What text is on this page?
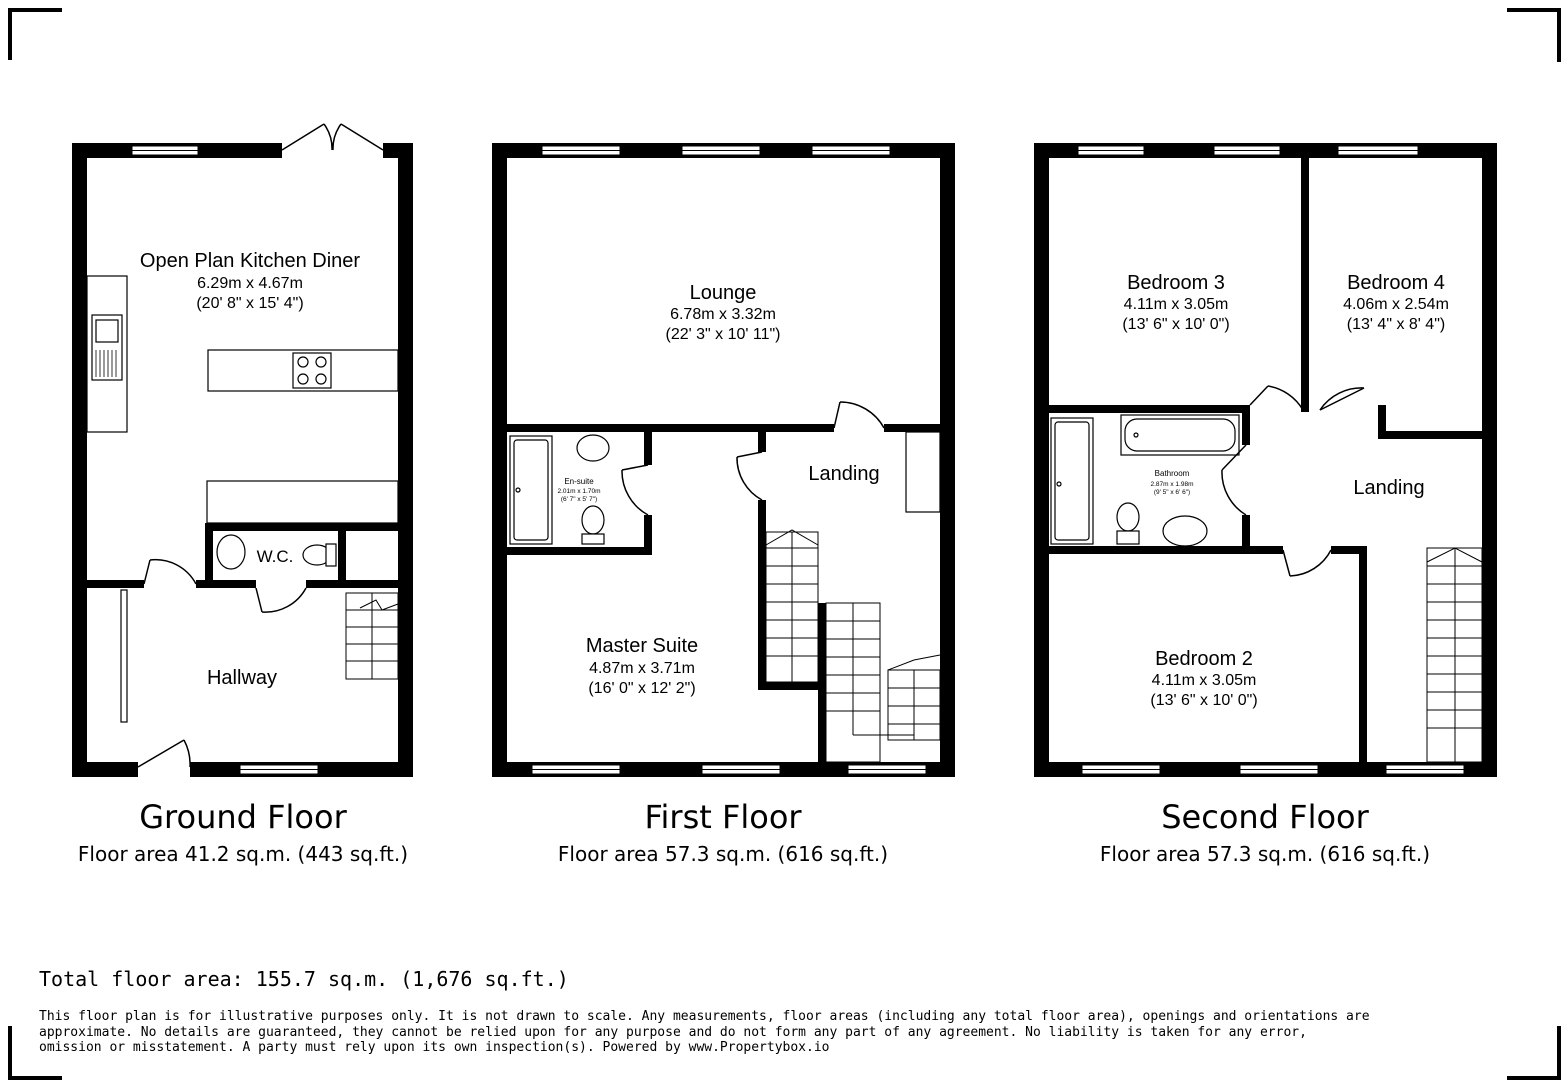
Open Plan Kitchen Diner
6.29m x 4.67m
(20' 8" x 15' 4")
W.C.
Hallway
Lounge
6.78m x 3.32m
(22' 3" x 10' 11")
En-suite
2.01m x 1.70m
(6' 7" x 5' 7")
Landing
Master Suite
4.87m x 3.71m
(16' 0" x 12' 2")
Bedroom 3
4.11m x 3.05m
(13' 6" x 10' 0")
Bedroom 4
4.06m x 2.54m
(13' 4" x 8' 4")
Bathroom
2.87m x 1.98m
(9' 5" x 6' 6")	Landing
Bedroom 2
4.11m x 3.05m
(13' 6" x 10' 0")
Ground Floor
Floor area 41.2 sq.m. (443 sq.ft.)
First Floor
Floor area 57.3 sq.m. (616 sq.ft.)
Second Floor
Floor area 57.3 sq.m. (616 sq.ft.)
Total floor area: 155.7 sq.m. (1,676 sq.ft.)
This floor plan is for illustrative purposes only. It is not drawn to scale. Any measurements, floor areas (including any total floor area), openings and orientations are
approximate. No details are guaranteed, they cannot be relied upon for any purpose and do not form any part of any agreement. No liability is taken for any error,
omission or misstatement. A party must rely upon its own inspection(s). Powered by www.Propertybox.io
